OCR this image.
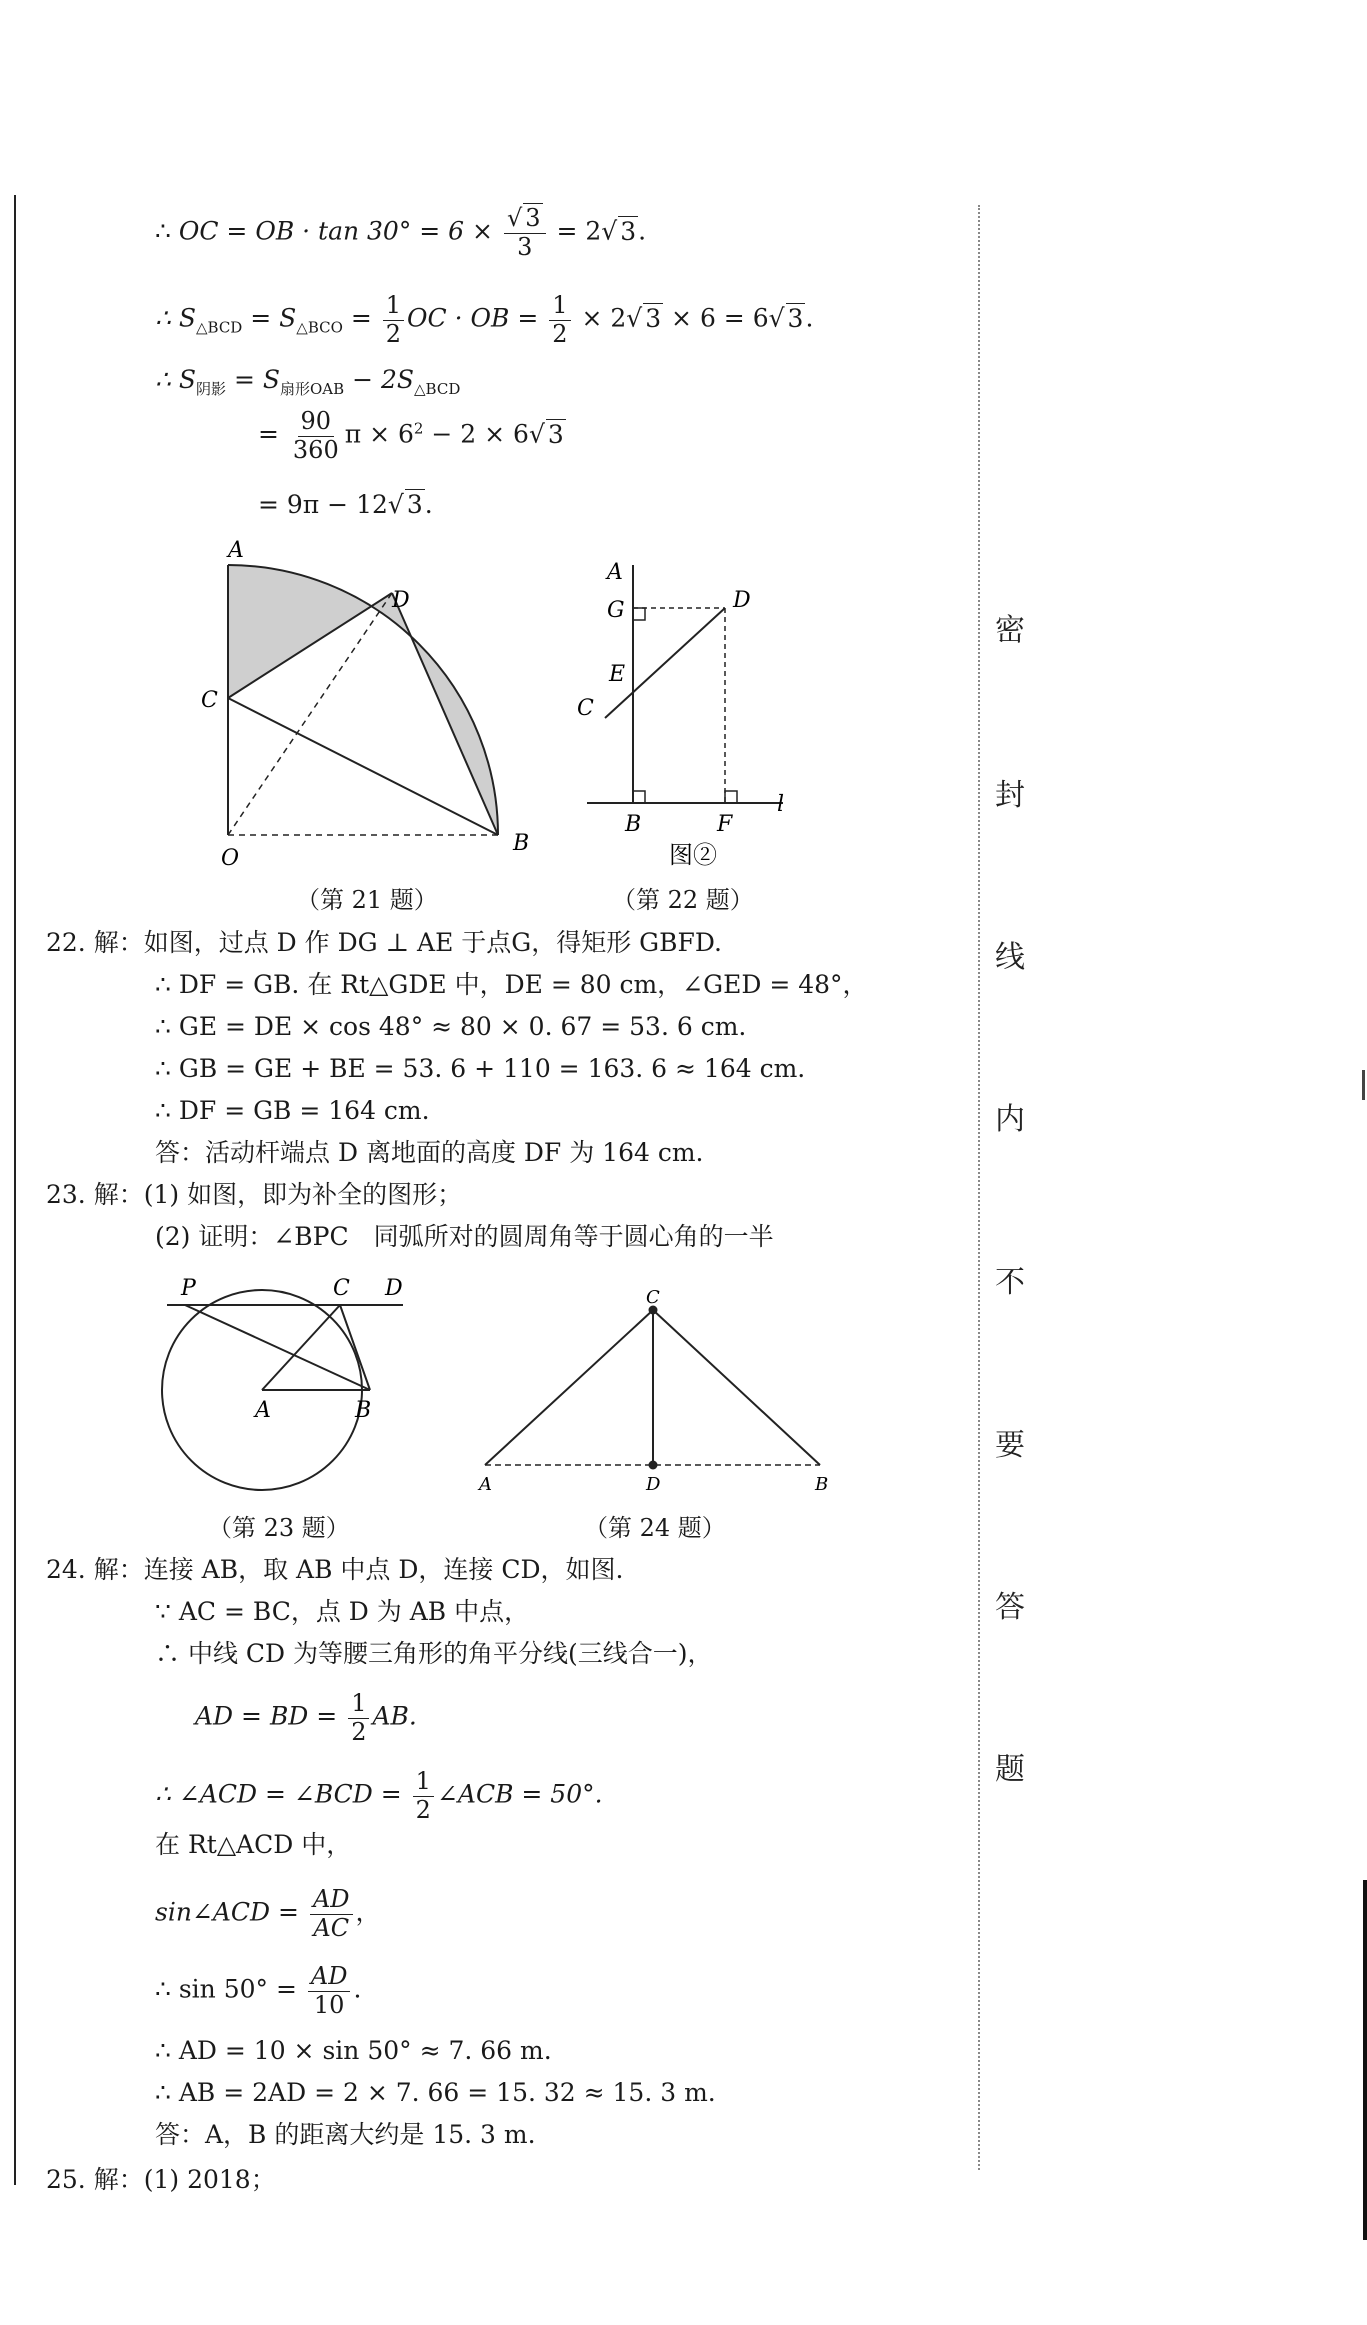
密
封
线
内
不
要
答
题
∴ OC = OB · $\tan 30^\circ = 6 \times \frac{√ 3}{3} = 2√$ 3.
∴ $S_{\triangle BCD} = S_{\triangle BCO} = \frac{1}{2}$ OC · OB = $\frac{1}{2} \times 2√$ 3 × 6 = 6√ 3.
∴ $S_{阴影} = S_{扇形OAB} - 2S_{\triangle BCD}$
= $\frac{90}{360}$ $\pi \times 6^2 - 2 \times 6√$ 3
= 9π − 12√ 3.
A
D
C
O
B
A
G	D
E
C
B	F
l
图②
（第 21 题）	（第 22 题）
22. 解：如图，过点 D 作 DG ⊥ AE 于点G，得矩形 GBFD.
∴ DF = GB. 在 Rt△GDE 中，DE = 80 cm，∠GED = 48°，
∴ GE = DE × cos 48° ≈ 80 × 0. 67 = 53. 6 cm.
∴ GB = GE + BE = 53. 6 + 110 = 163. 6 ≈ 164 cm.
∴ DF = GB = 164 cm.
答：活动杆端点 D 离地面的高度 DF 为 164 cm.
23. 解：(1) 如图，即为补全的图形；
(2) 证明：∠BPC　同弧所对的圆周角等于圆心角的一半
P	C D
A	B
C
A	D	B
（第 23 题）	（第 24 题）
24. 解：连接 AB，取 AB 中点 D，连接 CD，如图.
∵ AC = BC，点 D 为 AB 中点，
∴ 中线 CD 为等腰三角形的角平分线(三线合一)，
AD = BD = $\frac{1}{2}$ AB.
∴ ∠ACD = ∠BCD = $\frac{1}{2}$ ∠ACB = 50°.
在 Rt△ACD 中，
sin∠ACD = $\frac{AD}{AC}$ ，
∴ $\sin 50^\circ = \frac{AD}{10}$ .
∴ AD = 10 × sin 50° ≈ 7. 66 m.
∴ AB = 2AD = 2 × 7. 66 = 15. 32 ≈ 15. 3 m.
答：A，B 的距离大约是 15. 3 m.
25. 解：(1) 2018；
